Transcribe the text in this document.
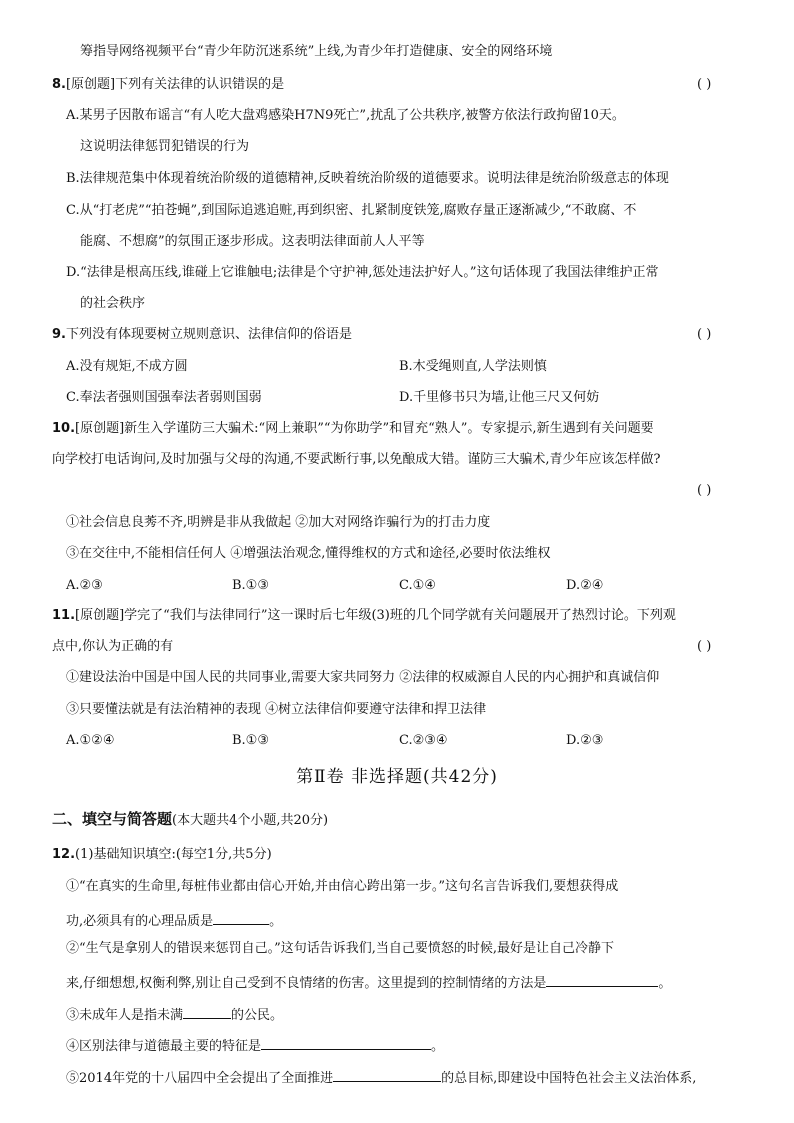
筹指导网络视频平台“青少年防沉迷系统”上线,为青少年打造健康、安全的网络环境
8.[原创题]下列有关法律的认识错误的是	( )
A.某男子因散布谣言“有人吃大盘鸡感染H7N9死亡”,扰乱了公共秩序,被警方依法行政拘留10天。
这说明法律惩罚犯错误的行为
B.法律规范集中体现着统治阶级的道德精神,反映着统治阶级的道德要求。说明法律是统治阶级意志的体现
C.从“打老虎”“拍苍蝇”,到国际追逃追赃,再到织密、扎紧制度铁笼,腐败存量正逐渐减少,“不敢腐、不
能腐、不想腐”的氛围正逐步形成。这表明法律面前人人平等
D.“法律是根高压线,谁碰上它谁触电;法律是个守护神,惩处违法护好人。”这句话体现了我国法律维护正常
的社会秩序
9.下列没有体现要树立规则意识、法律信仰的俗语是	( )
A.没有规矩,不成方圆	B.木受绳则直,人学法则慎
C.奉法者强则国强奉法者弱则国弱	D.千里修书只为墙,让他三尺又何妨
10.[原创题]新生入学谨防三大骗术:“网上兼职”“为你助学”和冒充“熟人”。专家提示,新生遇到有关问题要
向学校打电话询问,及时加强与父母的沟通,不要武断行事,以免酿成大错。谨防三大骗术,青少年应该怎样做?
( )
①社会信息良莠不齐,明辨是非从我做起 ②加大对网络诈骗行为的打击力度
③在交往中,不能相信任何人 ④增强法治观念,懂得维权的方式和途径,必要时依法维权
A.②③	B.①③	C.①④	D.②④
11.[原创题]学完了“我们与法律同行”这一课时后七年级(3)班的几个同学就有关问题展开了热烈讨论。下列观
点中,你认为正确的有	( )
①建设法治中国是中国人民的共同事业,需要大家共同努力 ②法律的权威源自人民的内心拥护和真诚信仰
③只要懂法就是有法治精神的表现 ④树立法律信仰要遵守法律和捍卫法律
A.①②④	B.①③	C.②③④	D.②③
第Ⅱ卷 非选择题(共42分)
二、填空与简答题(本大题共4个小题,共20分)
12.(1)基础知识填空:(每空1分,共5分)
①“在真实的生命里,每桩伟业都由信心开始,并由信心跨出第一步。”这句名言告诉我们,要想获得成
功,必须具有的心理品质是	。
②“生气是拿别人的错误来惩罚自己。”这句话告诉我们,当自己要愤怒的时候,最好是让自己冷静下
来,仔细想想,权衡利弊,别让自己受到不良情绪的伤害。这里提到的控制情绪的方法是	。
③未成年人是指未满	的公民。
④区别法律与道德最主要的特征是	。
⑤2014年党的十八届四中全会提出了全面推进	的总目标,即建设中国特色社会主义法治体系,
